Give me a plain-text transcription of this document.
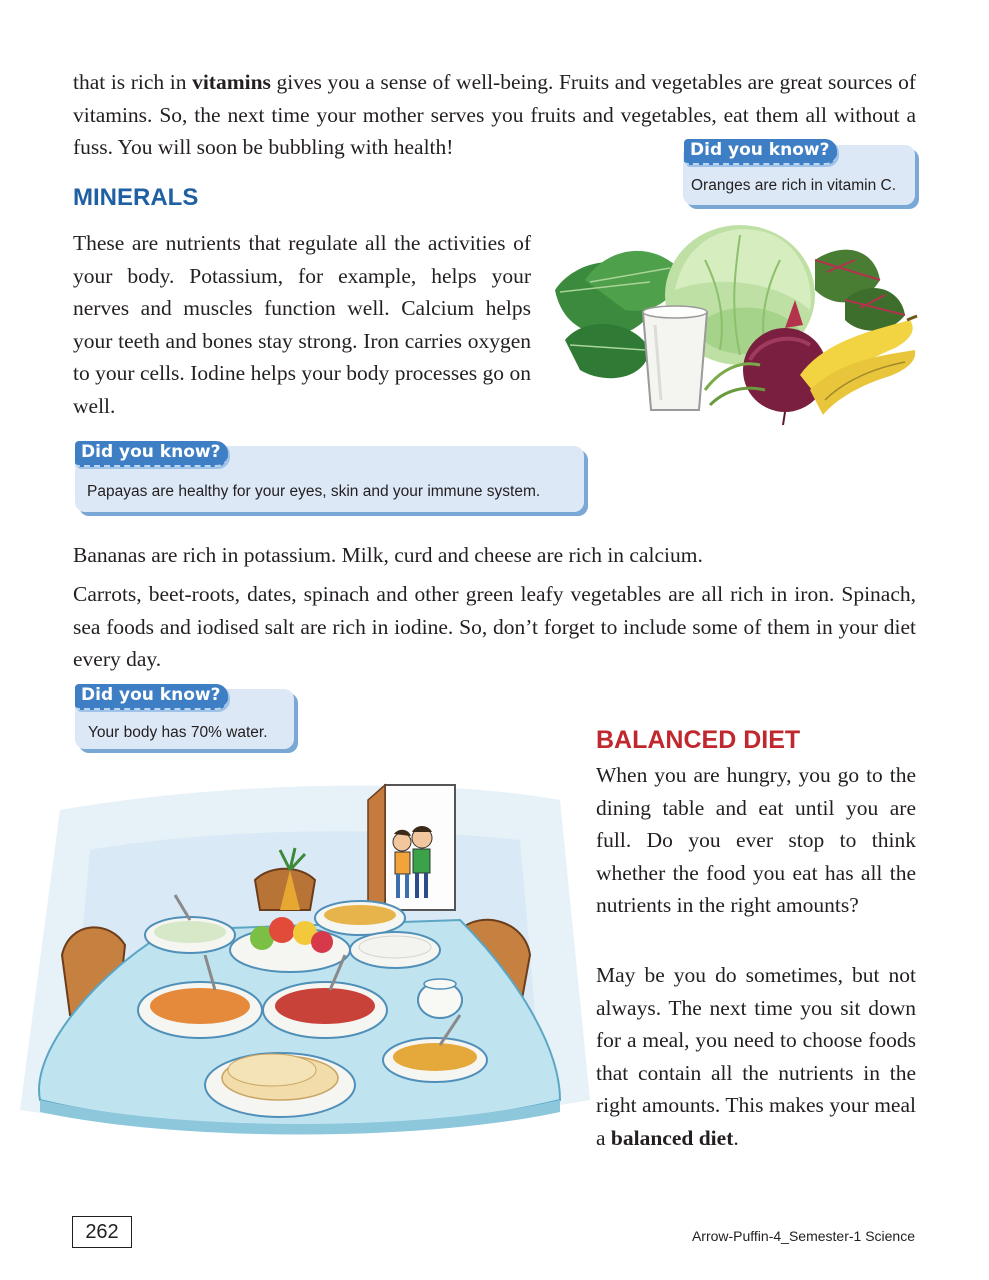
that is rich in vitamins gives you a sense of well-being. Fruits and vegetables are great sources of vitamins. So, the next time your mother serves you fruits and vegetables, eat them all without a fuss. You will soon be bubbling with health!	Did you know?
Oranges are rich in vitamin C.
MINERALS

These are nutrients that regulate all the activities of your body. Potassium, for example, helps your nerves and muscles function well. Calcium helps your teeth and bones stay strong. Iron carries oxygen to your cells. Iodine helps your body processes go on well.

Did you know?
Papayas are healthy for your eyes, skin and your immune system.

Bananas are rich in potassium. Milk, curd and cheese are rich in calcium.

Carrots, beet-roots, dates, spinach and other green leafy vegetables are all rich in iron. Spinach, sea foods and iodised salt are rich in iodine. So, don’t forget to include some of them in your diet every day.

Did you know?
Your body has 70% water.	BALANCED DIET

When you are hungry, you go to the dining table and eat until you are full. Do you ever stop to think whether the food you eat has all the nutrients in the right amounts?

May be you do sometimes, but not always. The next time you sit down for a meal, you need to choose foods that contain all the nutrients in the right amounts. This makes your meal a balanced diet.

262	Arrow-Puffin-4_Semester-1 Science
